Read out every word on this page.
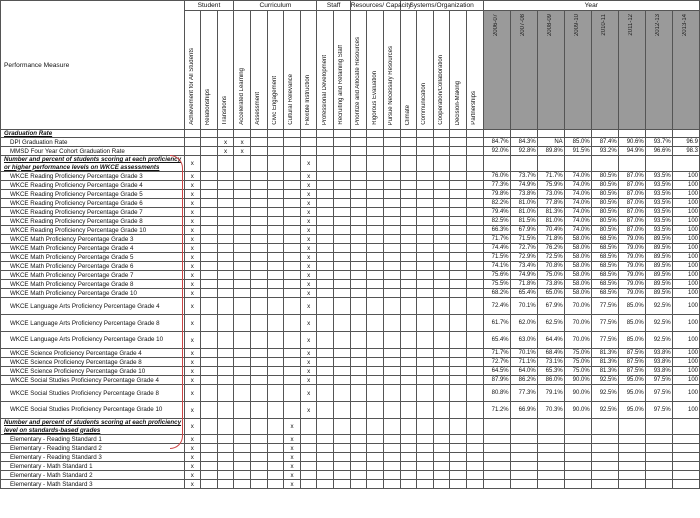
Performance Measure	Student			Curriculum					Staff		Resources/ Capacity			Systems/Organization					Year							
	Achievement for All Students	Relationships	Transitions	Accelerated Learning	Assessment	Civic Engagement	Cultural Relevance	Flexible Instruction	Professional Development	Recruiting and Retaining Staff	Prioritize and Allocate Resources	Rigorous Evaluation	Pursue Necessary Resources	Climate	Communication	Cooperation/Collaboration	Decision-Making	Partnerships	2006-07	2007-08	2008-09	2009-10	2010-11	2011-12	2012-13	2013-14
Graduation Rate																										
DPI Graduation Rate			x	x															84.7%	84.3%	NA	85.0%	87.4%	90.6%	93.7%	96.9
MMSD Four Year Cohort Graduation Rate			x	x															92.0%	92.8%	89.8%	91.5%	93.2%	94.9%	96.6%	98.3
Number and percent of students scoring at each proficiency or higher performance levels on WKCE assessments	x							x																		
WKCE Reading Proficiency Percentage Grade 3	x							x											76.0%	73.7%	71.7%	74.0%	80.5%	87.0%	93.5%	100
WKCE Reading Proficiency Percentage Grade 4	x							x											77.3%	74.9%	75.9%	74.0%	80.5%	87.0%	93.5%	100
WKCE Reading Proficiency Percentage Grade 5	x							x											79.8%	73.8%	73.0%	74.0%	80.5%	87.0%	93.5%	100
WKCE Reading Proficiency Percentage Grade 6	x							x											82.2%	81.0%	77.8%	74.0%	80.5%	87.0%	93.5%	100
WKCE Reading Proficiency Percentage Grade 7	x							x											79.4%	81.0%	81.3%	74.0%	80.5%	87.0%	93.5%	100
WKCE Reading Proficiency Percentage Grade 8	x							x											82.5%	81.5%	81.0%	74.0%	80.5%	87.0%	93.5%	100
WKCE Reading Proficiency Percentage Grade 10	x							x											66.3%	67.9%	70.4%	74.0%	80.5%	87.0%	93.5%	100
WKCE Math Proficiency Percentage Grade 3	x							x											71.7%	71.5%	71.8%	58.0%	68.5%	79.0%	89.5%	100
WKCE Math Proficiency Percentage Grade 4	x							x											74.4%	72.7%	76.2%	58.0%	68.5%	79.0%	89.5%	100
WKCE Math Proficiency Percentage Grade 5	x							x											71.5%	72.9%	72.5%	58.0%	68.5%	79.0%	89.5%	100
WKCE Math Proficiency Percentage Grade 6	x							x											74.1%	73.4%	70.8%	58.0%	68.5%	79.0%	89.5%	100
WKCE Math Proficiency Percentage Grade 7	x							x											75.6%	74.9%	75.0%	58.0%	68.5%	79.0%	89.5%	100
WKCE Math Proficiency Percentage Grade 8	x							x											75.5%	71.8%	73.8%	58.0%	68.5%	79.0%	89.5%	100
WKCE Math Proficiency Percentage Grade 10	x							x											68.2%	65.4%	65.0%	58.0%	68.5%	79.0%	89.5%	100
WKCE Language Arts Proficiency Percentage Grade 4	x							x											72.4%	70.1%	67.9%	70.0%	77.5%	85.0%	92.5%	100
WKCE Language Arts Proficiency Percentage Grade 8	x							x											61.7%	62.0%	62.5%	70.0%	77.5%	85.0%	92.5%	100
WKCE Language Arts Proficiency Percentage Grade 10	x							x											65.4%	63.0%	64.4%	70.0%	77.5%	85.0%	92.5%	100
WKCE Science Proficiency Percentage Grade 4	x							x											71.7%	70.1%	68.4%	75.0%	81.3%	87.5%	93.8%	100
WKCE Science Proficiency Percentage Grade 8	x							x											72.7%	71.1%	73.1%	75.0%	81.3%	87.5%	93.8%	100
WKCE Science Proficiency Percentage Grade 10	x							x											64.5%	64.0%	65.3%	75.0%	81.3%	87.5%	93.8%	100
WKCE Social Studies Proficiency Percentage Grade 4	x							x											87.9%	86.2%	86.0%	90.0%	92.5%	95.0%	97.5%	100
WKCE Social Studies Proficiency Percentage Grade 8	x							x											80.8%	77.3%	79.1%	90.0%	92.5%	95.0%	97.5%	100
WKCE Social Studies Proficiency Percentage Grade 10	x							x											71.2%	66.9%	70.3%	90.0%	92.5%	95.0%	97.5%	100
Number and percent of students scoring at each proficiency level on standards-based grades	x						x																			
Elementary - Reading Standard 1	x						x																			
Elementary - Reading Standard 2	x						x																			
Elementary - Reading Standard 3	x						x																			
Elementary - Math Standard 1	x						x																			
Elementary - Math Standard 2	x						x																			
Elementary - Math Standard 3	x						x																			
